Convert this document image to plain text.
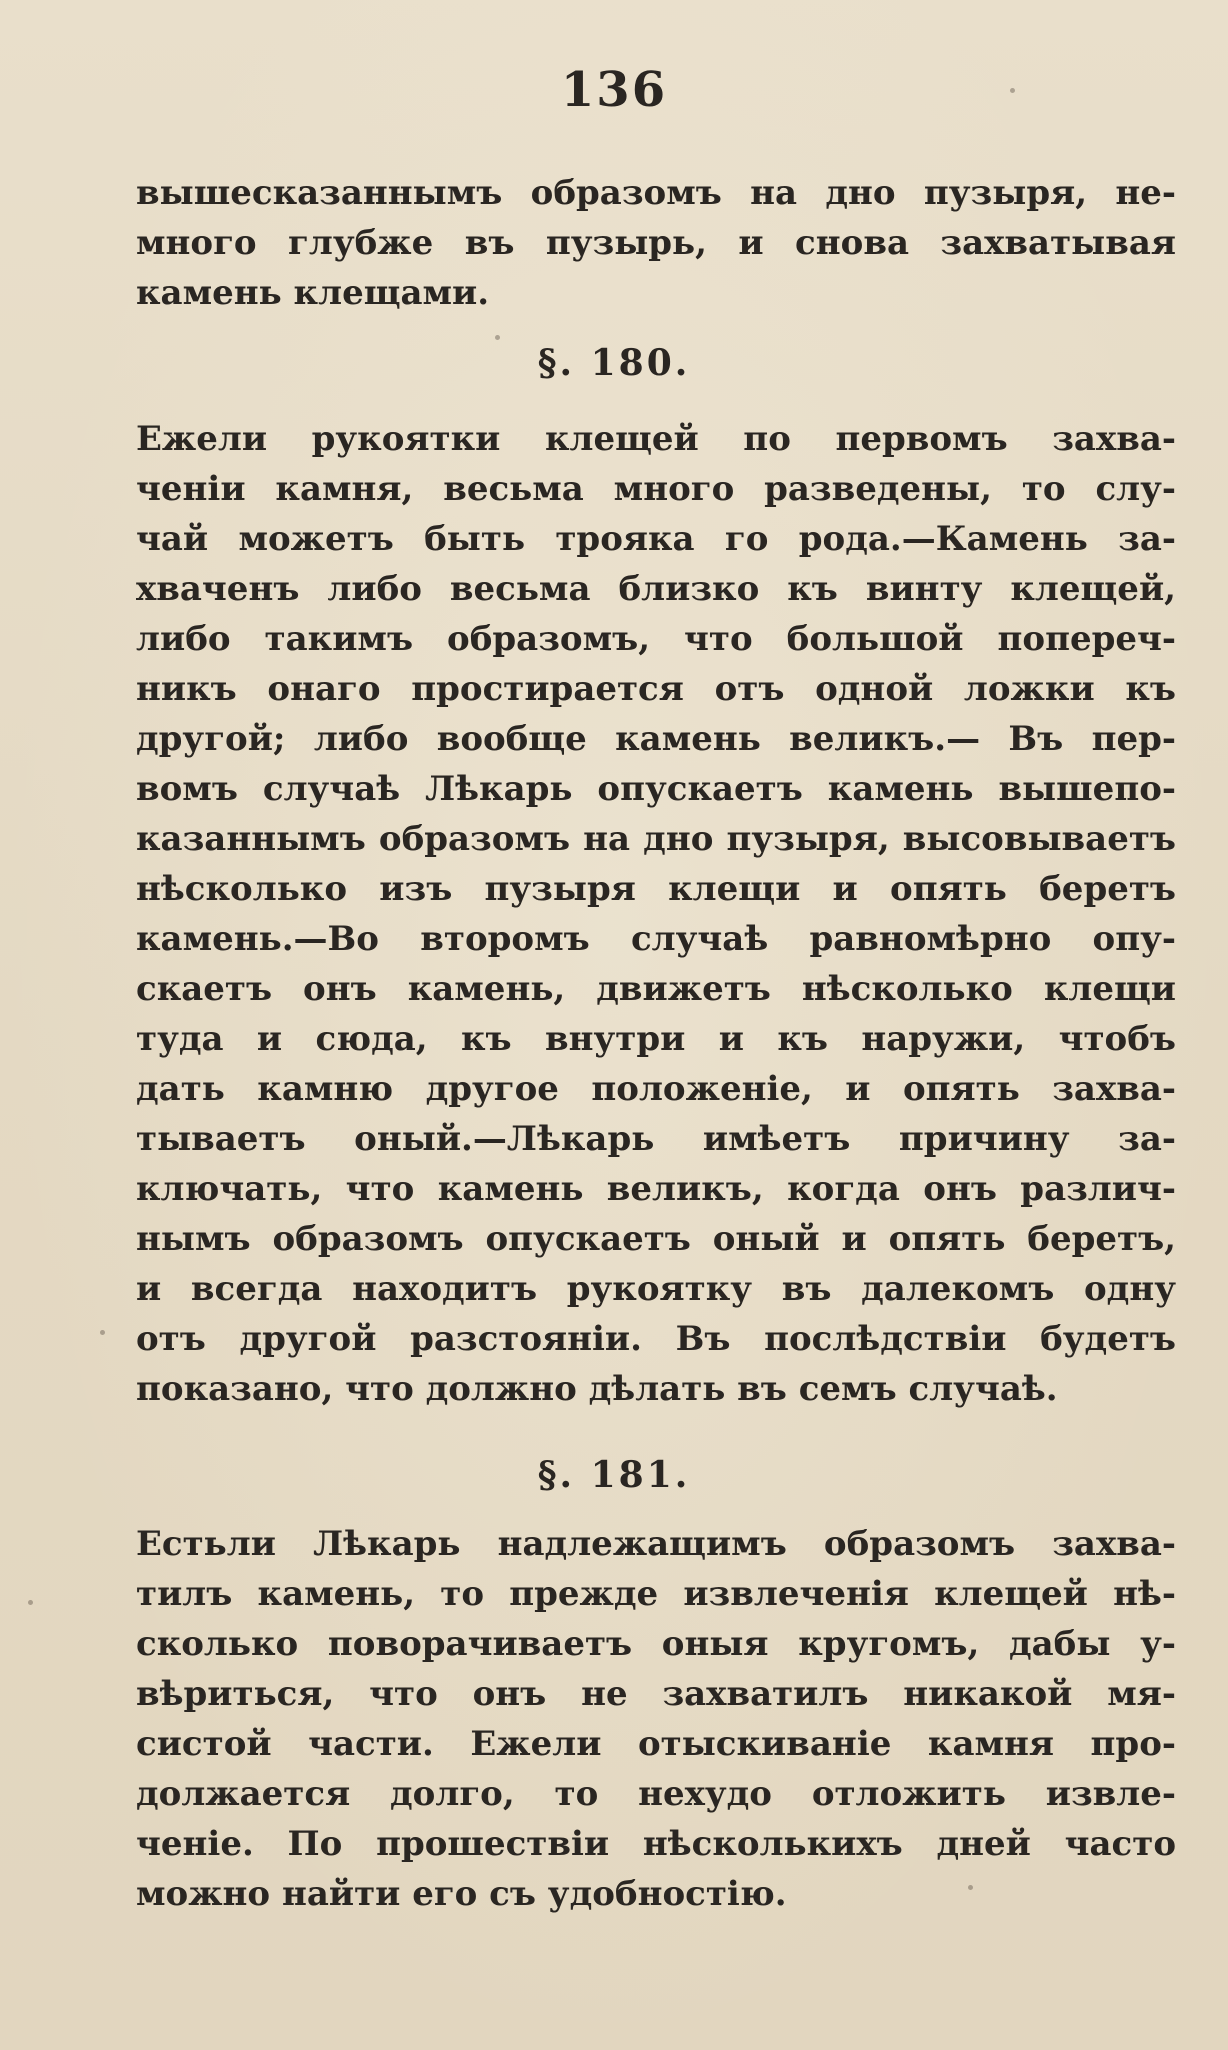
136
вышесказаннымъ образомъ на дно пузыря, не-
много глубже въ пузырь, и снова захватывая
камень клещами.
§. 180.
Ежели рукоятки клещей по первомъ захва-
ченіи камня, весьма много разведены, то слу-
чай можетъ быть трояка го рода.—Камень за-
хваченъ либо весьма близко къ винту клещей,
либо такимъ образомъ, что большой попереч-
никъ онаго простирается отъ одной ложки къ
другой; либо вообще камень великъ.— Въ пер-
вомъ случаѣ Лѣкарь опускаетъ камень вышепо-
казаннымъ образомъ на дно пузыря, высовываетъ
нѣсколько изъ пузыря клещи и опять беретъ
камень.—Во второмъ случаѣ равномѣрно опу-
скаетъ онъ камень, движетъ нѣсколько клещи
туда и сюда, къ внутри и къ наружи, чтобъ
дать камню другое положеніе, и опять захва-
тываетъ оный.—Лѣкарь имѣетъ причину за-
ключать, что камень великъ, когда онъ различ-
нымъ образомъ опускаетъ оный и опять беретъ,
и всегда находитъ рукоятку въ далекомъ одну
отъ другой разстояніи. Въ послѣдствіи будетъ
показано, что должно дѣлать въ семъ случаѣ.
§. 181.
Естьли Лѣкарь надлежащимъ образомъ захва-
тилъ камень, то прежде извлеченія клещей нѣ-
сколько поворачиваетъ оныя кругомъ, дабы у-
вѣриться, что онъ не захватилъ никакой мя-
систой части. Ежели отыскиваніе камня про-
должается долго, то нехудо отложить извле-
ченіе. По прошествіи нѣсколькихъ дней часто
можно найти его съ удобностію.
